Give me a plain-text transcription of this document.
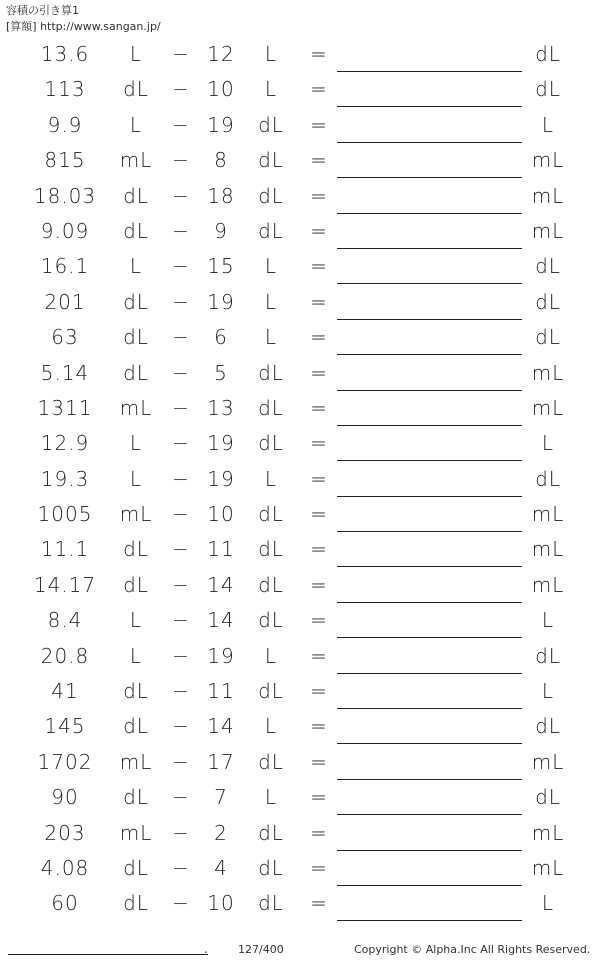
容積の引き算1
[算額] http://www.sangan.jp/
13.6	L	− 12	L	=	dL
113	dL	− 10	L	=	dL
9.9	L	− 19	dL	=	L
815	mL −	8	dL	=	mL
18.03	dL	− 18	dL	=	mL
9.09	dL	−	9	dL	=	mL
16.1	L	− 15	L	=	dL
201	dL	− 19	L	=	dL
63	dL	−	6	L	=	dL
5.14	dL	−	5	dL	=	mL
1311	mL − 13	dL	=	mL
12.9	L	− 19	dL	=	L
19.3	L	− 19	L	=	dL
1005	mL − 10	dL	=	mL
11.1	dL	− 11	dL	=	mL
14.17	dL	− 14	dL	=	mL
8.4	L	− 14	dL	=	L
20.8	L	− 19	L	=	dL
41	dL	− 11	dL	=	L
145	dL	− 14	L	=	dL
1702	mL − 17	dL	=	mL
90	dL	−	7	L	=	dL
203	mL −	2	dL	=	mL
4.08	dL	−	4	dL	=	mL
60	dL	− 10	dL	=	L
.	127/400	Copyright © Alpha.Inc All Rights Reserved.
